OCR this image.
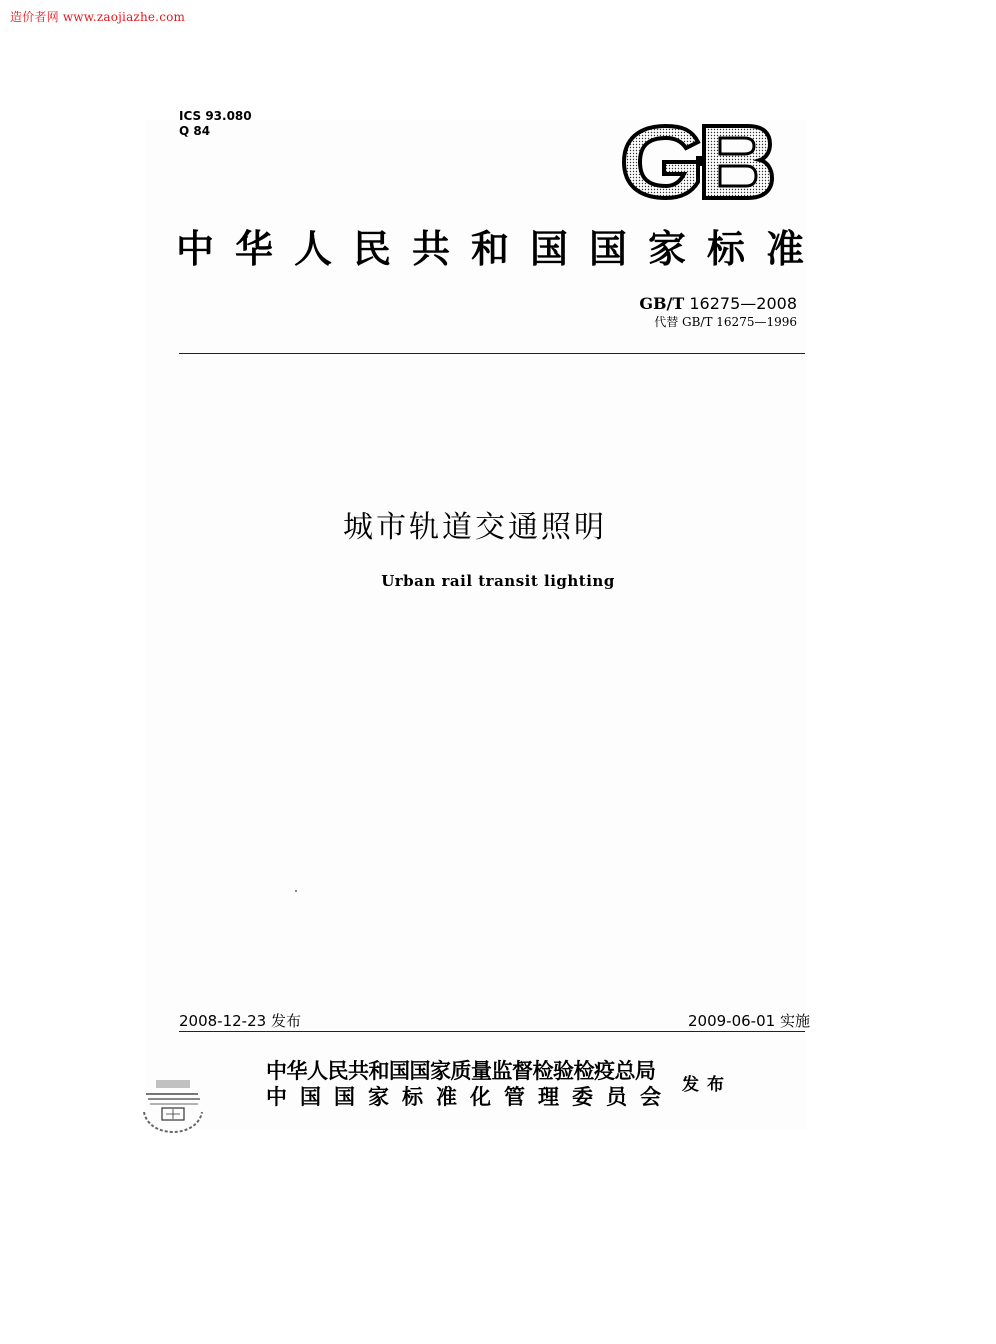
造价者网 www.zaojiazhe.com
ICS 93.080
Q 84
中华人民共和国国家标准
GB/T 16275—2008
代替 GB/T 16275—1996
城市轨道交通照明
Urban rail transit lighting
2008-12-23 发布	2009-06-01 实施
中华人民共和国国家质量监督检验检疫总局
中国国家标准化管理委员会 发布
